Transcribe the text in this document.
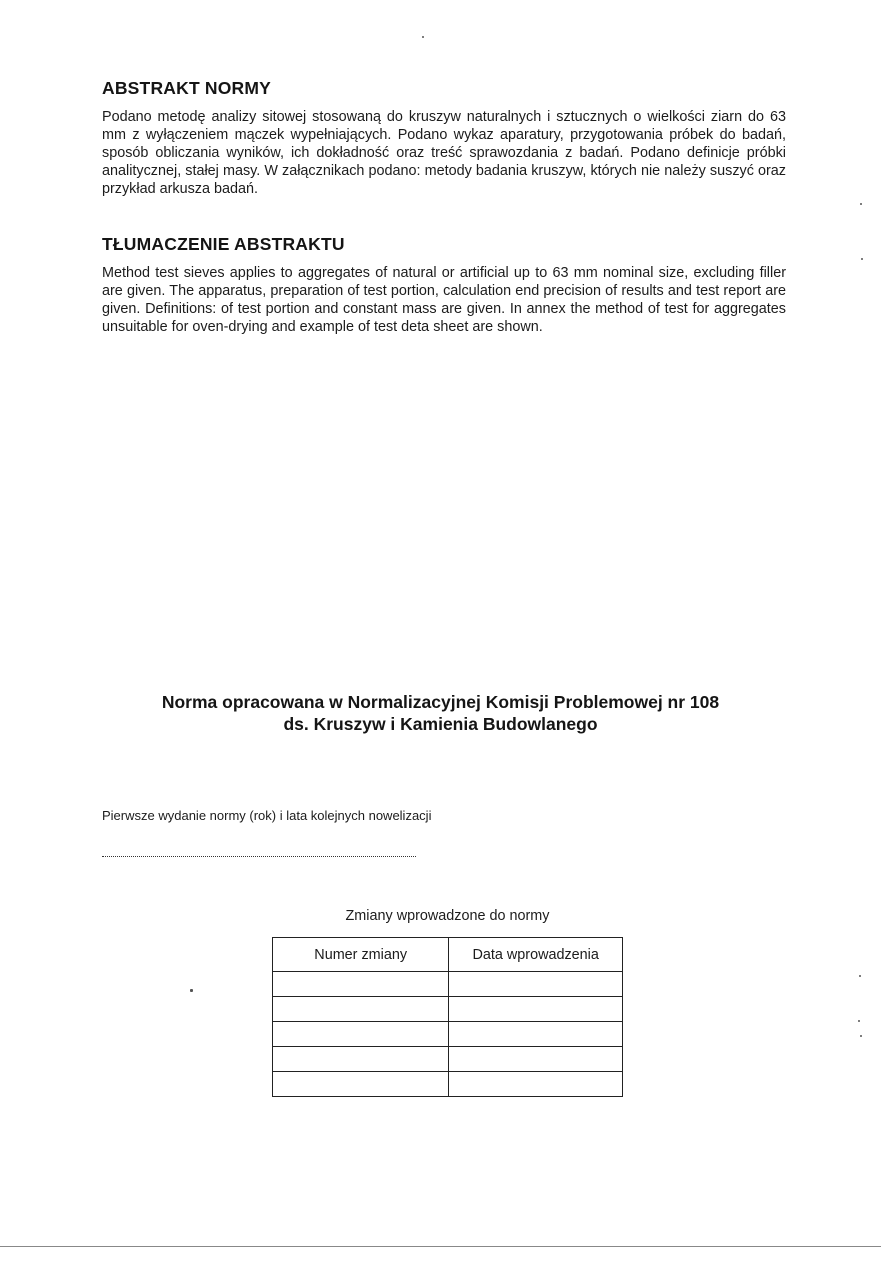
ABSTRAKT NORMY

Podano metodę analizy sitowej stosowaną do kruszyw naturalnych i sztucznych o wielkości ziarn do 63 mm z wyłączeniem mączek wypełniających. Podano wykaz aparatury, przygotowania próbek do badań, sposób obliczania wyników, ich dokładność oraz treść sprawozdania z badań. Podano definicje próbki analitycznej, stałej masy. W załącznikach podano: metody badania kruszyw, których nie należy suszyć oraz przykład arkusza badań.

TŁUMACZENIE ABSTRAKTU

Method test sieves applies to aggregates of natural or artificial up to 63 mm nominal size, excluding filler are given. The apparatus, preparation of test portion, calculation end precision of results and test report are given. Definitions: of test portion and constant mass are given. In annex the method of test for aggregates unsuitable for oven-drying and example of test deta sheet are shown.

Norma opracowana w Normalizacyjnej Komisji Problemowej nr 108
ds. Kruszyw i Kamienia Budowlanego
Pierwsze wydanie normy (rok) i lata kolejnych nowelizacji
Zmiany wprowadzone do normy
Numer zmiany	Data wprowadzenia
